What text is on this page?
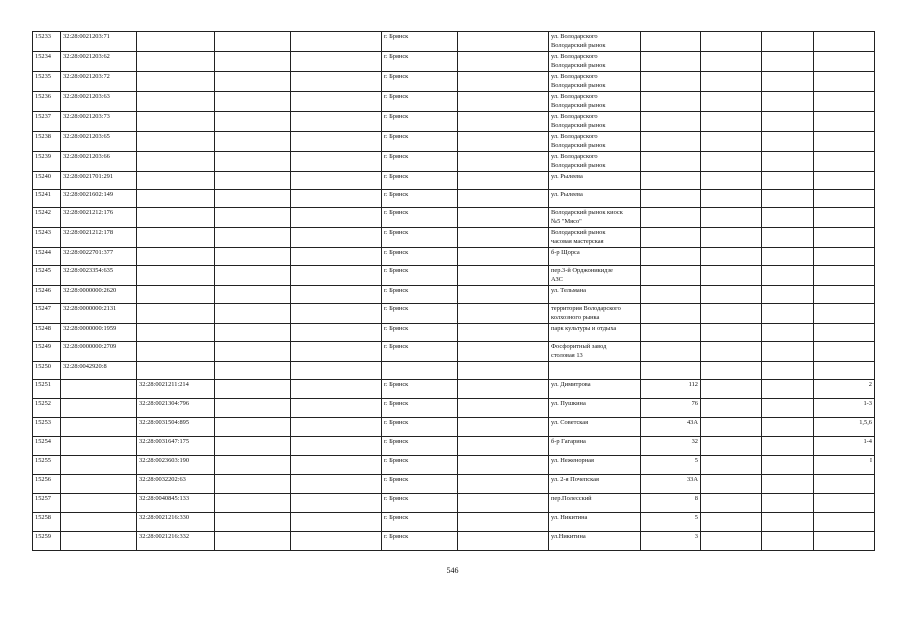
15233	32:28:0021203:71				г. Брянск		ул. Володарского
Володарский рынок				

15234	32:28:0021203:62				г. Брянск		ул. Володарского
Володарский рынок				

15235	32:28:0021203:72				г. Брянск		ул. Володарского
Володарский рынок				

15236	32:28:0021203:63				г. Брянск		ул. Володарского
Володарский рынок				

15237	32:28:0021203:73				г. Брянск		ул. Володарского
Володарский рынок				

15238	32:28:0021203:65				г. Брянск		ул. Володарского
Володарский рынок				

15239	32:28:0021203:66				г. Брянск		ул. Володарского
Володарский рынок				

15240	32:28:0021701:291				г. Брянск		ул. Рылеева				

15241	32:28:0021602:149				г. Брянск		ул. Рылеева				

15242	32:28:0021212:176				г. Брянск		Володарский рынок киоск
№5 "Мясо"				

15243	32:28:0021212:178				г. Брянск		Володарский рынок
часовая мастерская				

15244	32:28:0022701:377				г. Брянск		б-р Щорса				

15245	32:28:0023354:635				г. Брянск		пер.3-й Орджоникидзе
АЗС				

15246	32:28:0000000:2620				г. Брянск		ул. Тельмана				

15247	32:28:0000000:2131				г. Брянск		территория Володарского
колхозного рынка				

15248	32:28:0000000:1959				г. Брянск		парк культуры и отдыха				

15249	32:28:0000000:2709				г. Брянск		Фосфоритный завод
столовая 13				

15250	32:28:0042920:8						

15251		32:28:0021211:214			г. Брянск		ул. Димитрова	112			2
15252		32:28:0021304:796			г. Брянск		ул. Пушкина	76			1-3
15253		32:28:0031504:895			г. Брянск		ул. Советская	43А			1,5,6
15254		32:28:0031647:175			г. Брянск		б-р Гагарина	32			1-4
15255		32:28:0023603:190			г. Брянск		ул. Неженорная	5			I
15256		32:28:0032202:63			г. Брянск		ул. 2-я Почепская	33А			
15257		32:28:0040845:133			г. Брянск		пер.Полесский	8			
15258		32:28:0021216:330			г. Брянск		ул. Никитина	5			
15259		32:28:0021216:332			г. Брянск		ул.Никитина	3			
546
